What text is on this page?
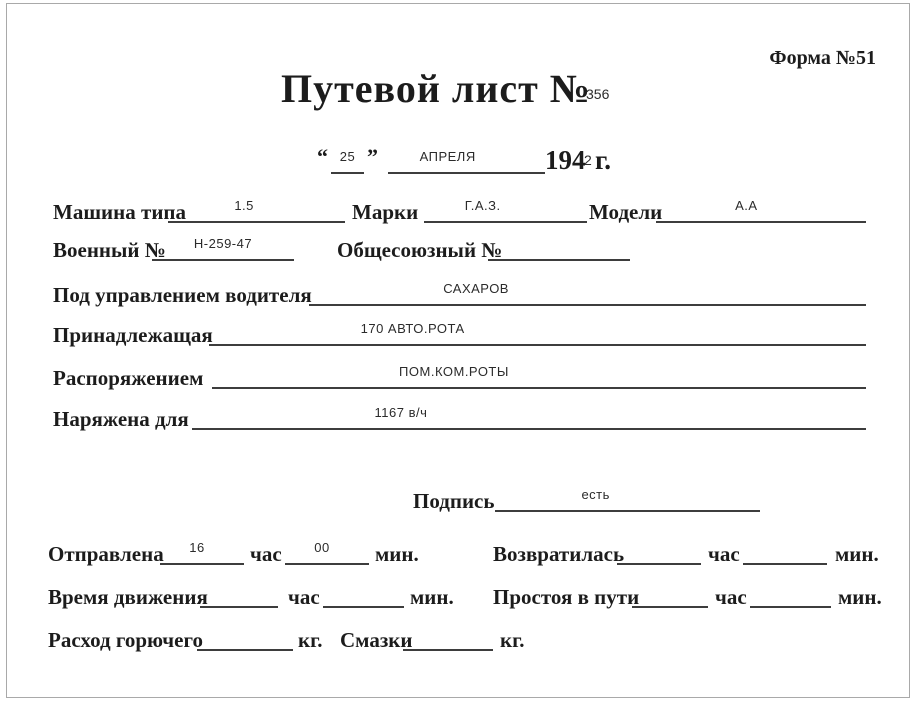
Форма №51
Путевой лист №
356
“ 25 ”	АПРЕЛЯ	194
2 г.
Машина типа	1.5	Марки	Г.А.З.	Модели	А.А
Военный № Н-259-47	Общесоюзный №
Под управлением водителя	САХАРОВ
Принадлежащая	170 АВТО.РОТА
Распоряжением	ПОМ.КОМ.РОТЫ
Наряжена для	1167 в/ч
Подпись	есть
Отправлена 16 час	00 мин.	Возвратилась	час	мин.
Время движения	час	мин. Простоя в пути	час	мин.
Расход горючего	кг. Смазки	кг.
